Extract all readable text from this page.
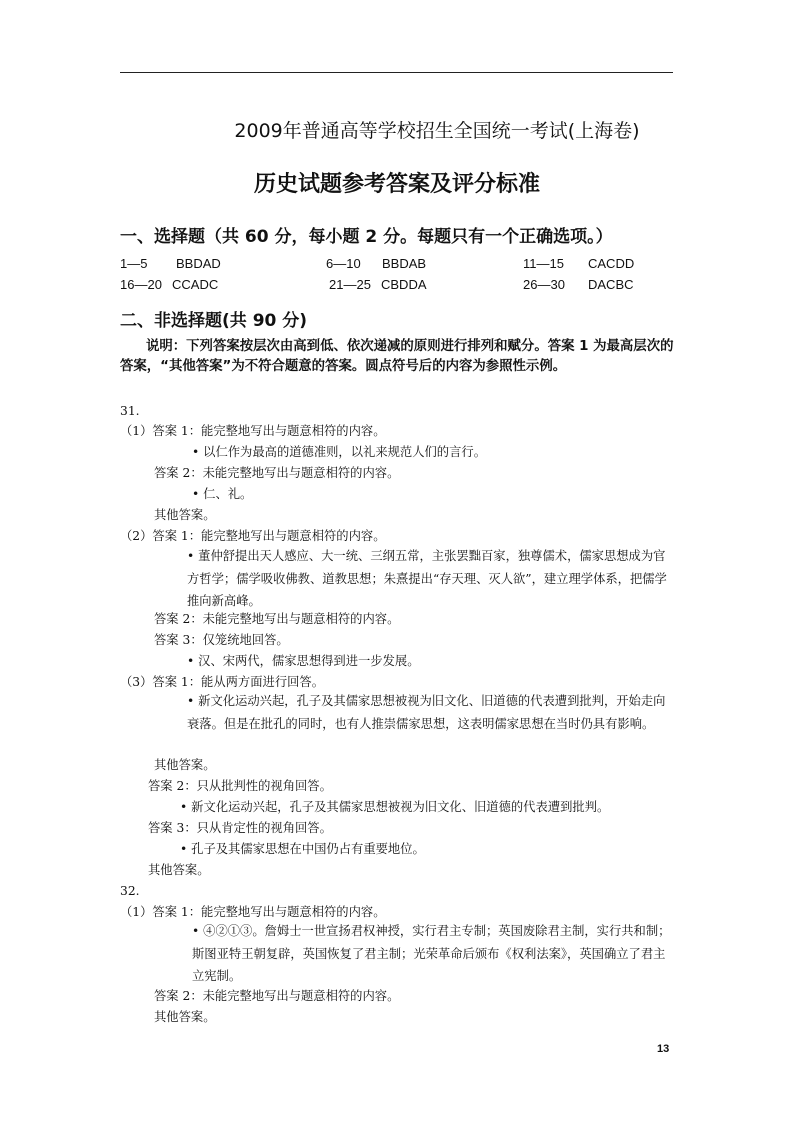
2009年普通高等学校招生全国统一考试(上海卷)
历史试题参考答案及评分标准
一、选择题（共 60 分，每小题 2 分。每题只有一个正确选项。）
1—5 BBDAD	6—10 BBDAB	11—15 CACDD
16—20 CCADC	21—25 CBDDA	26—30 DACBC
二、非选择题(共 90 分)
说明：下列答案按层次由高到低、依次递减的原则进行排列和赋分。答案 1 为最高层次的答案，“其他答案”为不符合题意的答案。圆点符号后的内容为参照性示例。
31.
（1）答案 1：能完整地写出与题意相符的内容。
• 以仁作为最高的道德准则，以礼来规范人们的言行。
答案 2：未能完整地写出与题意相符的内容。
• 仁、礼。
其他答案。
（2）答案 1：能完整地写出与题意相符的内容。
• 董仲舒提出天人感应、大一统、三纲五常，主张罢黜百家，独尊儒术，儒家思想成为官方哲学；儒学吸收佛教、道教思想；朱熹提出“存天理、灭人欲”，建立理学体系，把儒学推向新高峰。
答案 2：未能完整地写出与题意相符的内容。
答案 3：仅笼统地回答。
• 汉、宋两代，儒家思想得到进一步发展。
（3）答案 1：能从两方面进行回答。
• 新文化运动兴起，孔子及其儒家思想被视为旧文化、旧道德的代表遭到批判，开始走向衰落。但是在批孔的同时，也有人推崇儒家思想，这表明儒家思想在当时仍具有影响。
其他答案。
答案 2：只从批判性的视角回答。
• 新文化运动兴起，孔子及其儒家思想被视为旧文化、旧道德的代表遭到批判。
答案 3：只从肯定性的视角回答。
• 孔子及其儒家思想在中国仍占有重要地位。
其他答案。
32.
（1）答案 1：能完整地写出与题意相符的内容。
• ④②①③。詹姆士一世宣扬君权神授，实行君主专制；英国废除君主制，实行共和制；斯图亚特王朝复辟，英国恢复了君主制；光荣革命后颁布《权利法案》，英国确立了君主立宪制。
答案 2：未能完整地写出与题意相符的内容。
其他答案。
13
